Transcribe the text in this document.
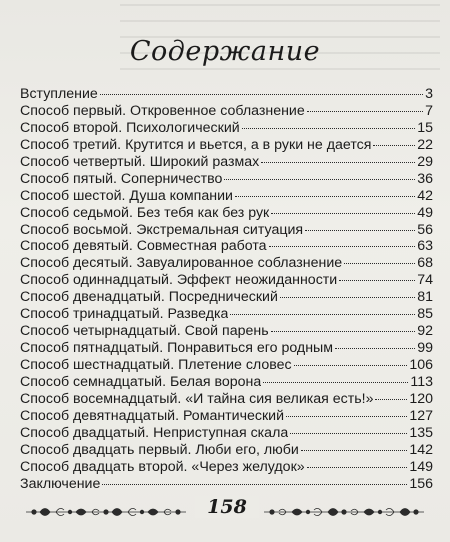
Содержание
Вступление	3
Способ первый. Откровенное соблазнение	7
Способ второй. Психологический	15
Способ третий. Крутится и вьется, а в руки не дается	22
Способ четвертый. Широкий размах	29
Способ пятый. Соперничество	36
Способ шестой. Душа компании	42
Способ седьмой. Без тебя как без рук	49
Способ восьмой. Экстремальная ситуация	56
Способ девятый. Совместная работа	63
Способ десятый. Завуалированное соблазнение	68
Способ одиннадцатый. Эффект неожиданности	74
Способ двенадцатый. Посреднический	81
Способ тринадцатый. Разведка	85
Способ четырнадцатый. Свой парень	92
Способ пятнадцатый. Понравиться его родным	99
Способ шестнадцатый. Плетение словес	106
Способ семнадцатый. Белая ворона	113
Способ восемнадцатый. «И тайна сия великая есть!»	120
Способ девятнадцатый. Романтический	127
Способ двадцатый. Неприступная скала	135
Способ двадцать первый. Люби его, люби	142
Способ двадцать второй. «Через желудок»	149
Заключение	156
158
